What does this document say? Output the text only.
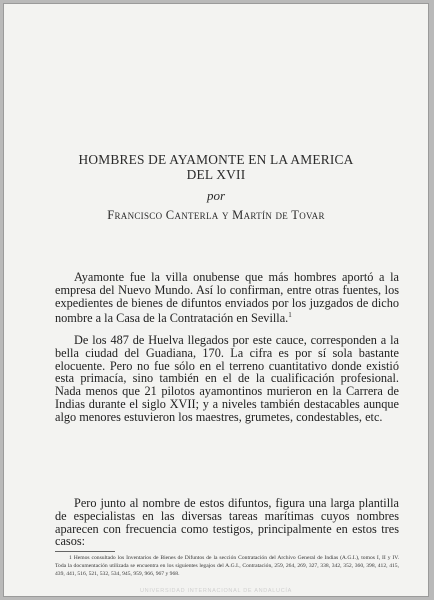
HOMBRES DE AYAMONTE EN LA AMERICA
DEL XVII
por
Francisco Canterla y Martín de Tovar

Ayamonte fue la villa onubense que más hombres aportó a la empresa del Nuevo Mundo. Así lo confirman, entre otras fuentes, los expedientes de bienes de difuntos enviados por los juzgados de dicho nombre a la Casa de la Contratación en Sevilla.$^1$

De los 487 de Huelva llegados por este cauce, corresponden a la bella ciudad del Guadiana, 170. La cifra es por sí sola bastante elocuente. Pero no fue sólo en el terreno cuantitativo donde existió esta primacía, sino también en el de la cualificación profesional. Nada menos que 21 pilotos ayamontinos murieron en la Carrera de Indias durante el siglo XVII; y a niveles también destacables aunque algo menores estuvieron los maestres, grumetes, condestables, etc.

Pero junto al nombre de estos difuntos, figura una larga plantilla de especialistas en las diversas tareas marítimas cuyos nombres aparecen con frecuencia como testigos, principalmente en estos tres casos:

1 Hemos consultado los Inventarios de Bienes de Difuntos de la sección Contratación del Archivo General de Indias (A.G.I.), tomos I, II y IV. Toda la documentación utilizada se encuentra en los siguientes legajos del A.G.I., Contratación, 259, 264, 269, 327, 338, 342, 352, 360, 398, 412, 415, 439, 441, 516, 521, 532, 534, 945, 959, 966, 967 y 968.

UNIVERSIDAD INTERNACIONAL DE ANDALUCÍA
